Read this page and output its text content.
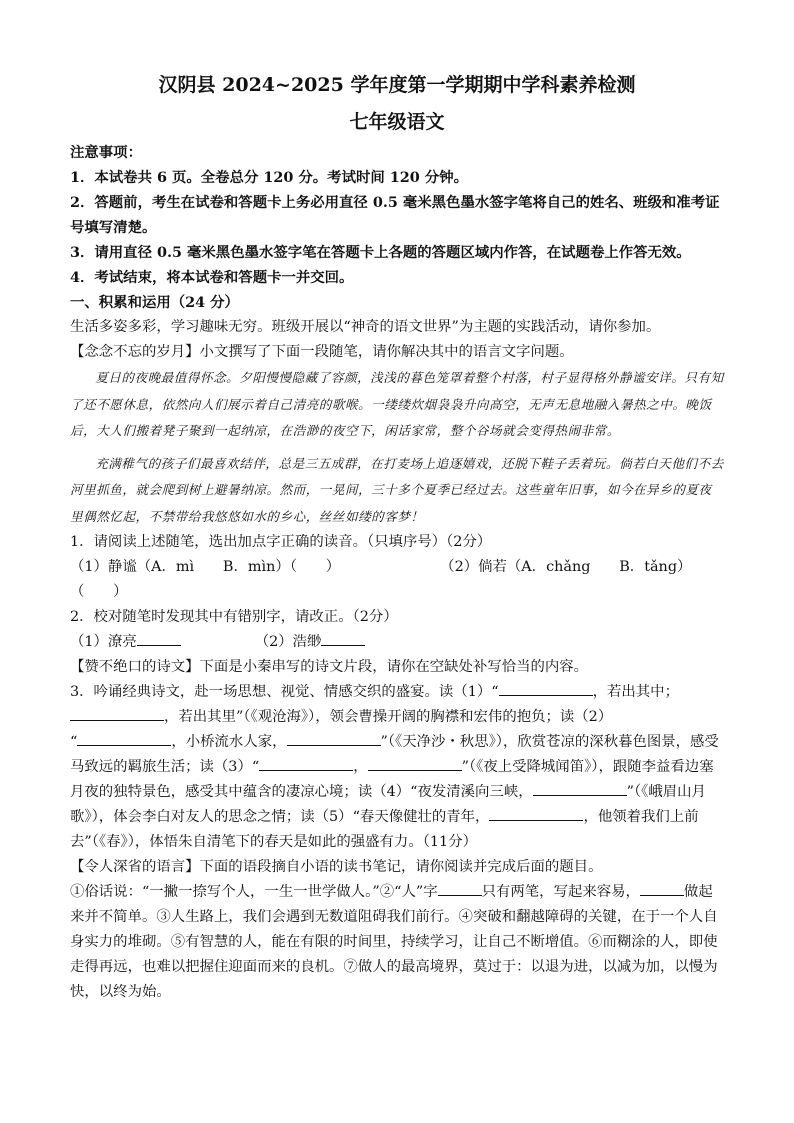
汉阴县 2024~2025 学年度第一学期期中学科素养检测
七年级语文

注意事项：

1．本试卷共 6 页。全卷总分 120 分。考试时间 120 分钟。

2．答题前，考生在试卷和答题卡上务必用直径 0.5 毫米黑色墨水签字笔将自己的姓名、班级和准考证号填写清楚。

3．请用直径 0.5 毫米黑色墨水签字笔在答题卡上各题的答题区域内作答，在试题卷上作答无效。

4．考试结束，将本试卷和答题卡一并交回。

一、积累和运用（24 分）

生活多姿多彩，学习趣味无穷。班级开展以“神奇的语文世界”为主题的实践活动，请你参加。

【念念不忘的岁月】小文撰写了下面一段随笔，请你解决其中的语言文字问题。

夏日的夜晚最值得怀念。夕阳慢慢隐藏了容颜，浅浅的暮色笼罩着整个村落，村子显得格外静谧安详。只有知了还不愿休息，依然向人们展示着自己清亮的歌喉。一缕缕炊烟袅袅升向高空，无声无息地融入暑热之中。晚饭后，大人们搬着凳子聚到一起纳凉，在浩渺的夜空下，闲话家常，整个谷场就会变得热闹非常。

充满稚气的孩子们最喜欢结伴，总是三五成群，在打麦场上追逐嬉戏，还脱下鞋子丢着玩。倘若白天他们不去河里抓鱼，就会爬到树上避暑纳凉。然而，一晃间，三十多个夏季已经过去。这些童年旧事，如今在异乡的夏夜里偶然忆起，不禁带给我悠悠如水的乡心，丝丝如缕的客梦！

1．请阅读上述随笔，选出加点字正确的读音。（只填序号）（2分）

（1）静谧（A．mì　　B．mìn）（　　）	（2）倘若（A．chǎng　　B．tǎng）（　　）

2．校对随笔时发现其中有错别字，请改正。（2分）

（1）潦亮	（2）浩缈

【赞不绝口的诗文】下面是小秦串写的诗文片段，请你在空缺处补写恰当的内容。

3．吟诵经典诗文，赴一场思想、视觉、情感交织的盛宴。读（1）“	，若出其中；，若出其里”（《观沧海》），领会曹操开阔的胸襟和宏伟的抱负；读（2）
“	，小桥流水人家，	”（《天净沙・秋思》），欣赏苍凉的深秋暮色图景，感受马致远的羁旅生活；读（3）“	，	”（《夜上受降城闻笛》），跟随李益看边塞月夜的独特景色，感受其中蕴含的凄凉心境；读（4）“夜发清溪向三峡，	”（《峨眉山月歌》），体会李白对友人的思念之情；读（5）“春天像健壮的青年，	，他领着我们上前去”（《春》），体悟朱自清笔下的春天是如此的强盛有力。（11分）

【令人深省的语言】下面的语段摘自小语的读书笔记，请你阅读并完成后面的题目。

①俗话说：“一撇一捺写个人，一生一世学做人。”②“人”字	只有两笔，写起来容易，	做起来并不简单。③人生路上，我们会遇到无数道阻碍我们前行。④突破和翻越障碍的关键，在于一个人自身实力的堆砌。⑤有智慧的人，能在有限的时间里，持续学习，让自己不断增值。⑥而糊涂的人，即使走得再远，也难以把握住迎面而来的良机。⑦做人的最高境界，莫过于：以退为进，以减为加，以慢为快，以终为始。
